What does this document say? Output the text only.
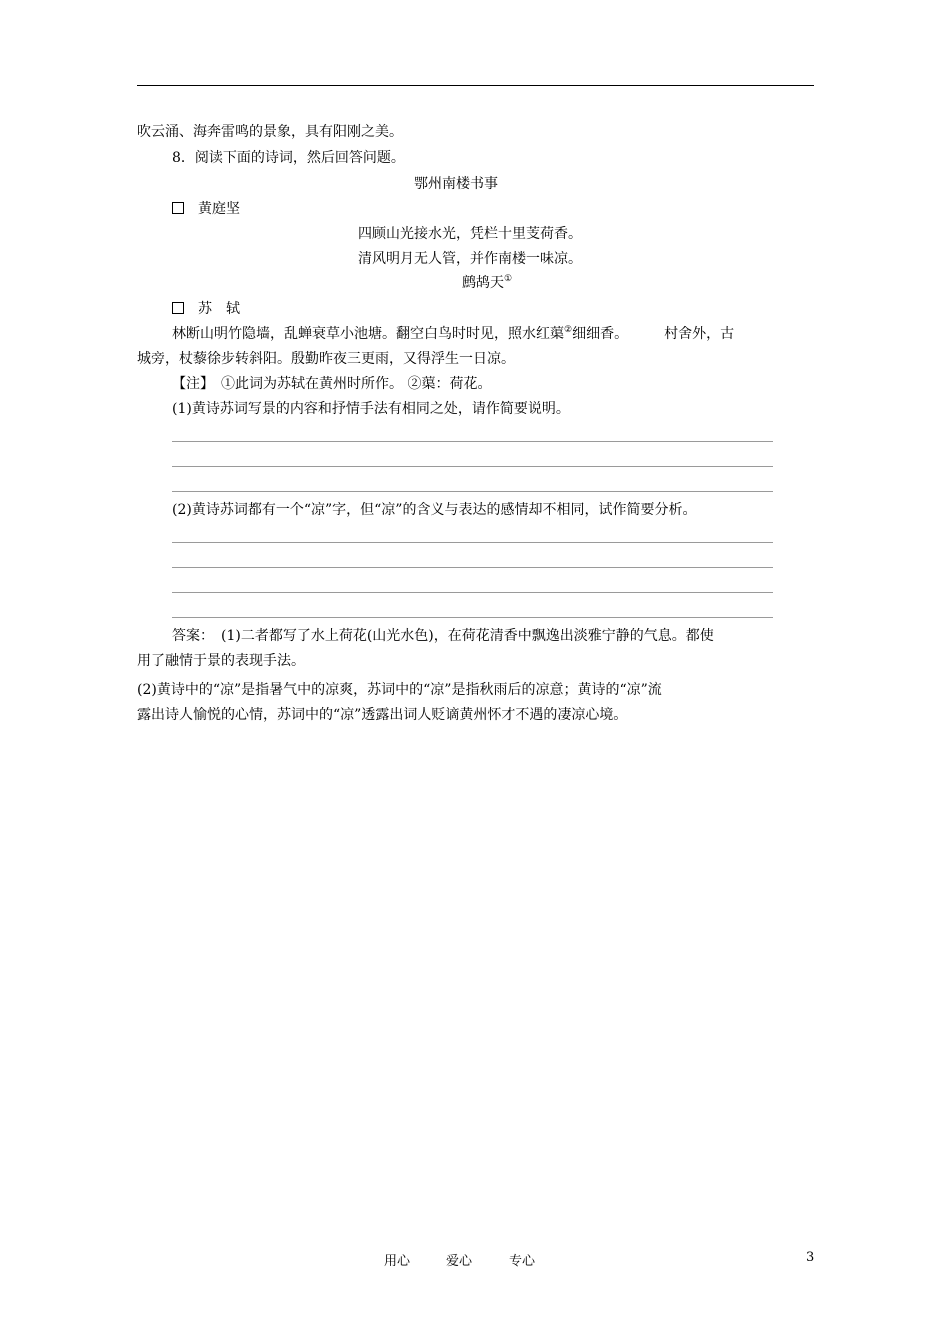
吹云涌、海奔雷鸣的景象，具有阳刚之美。
8．阅读下面的诗词，然后回答问题。
鄂州南楼书事
黄庭坚
四顾山光接水光，凭栏十里芰荷香。
清风明月无人管，并作南楼一味凉。
鹧鸪天①
苏　轼
林断山明竹隐墙，乱蝉衰草小池塘。翻空白鸟时时见，照水红蕖②细细香。	村舍外，古
城旁，杖藜徐步转斜阳。殷勤昨夜三更雨，又得浮生一日凉。
【注】　①此词为苏轼在黄州时所作。 ②蕖：荷花。
(1)黄诗苏词写景的内容和抒情手法有相同之处，请作简要说明。
(2)黄诗苏词都有一个“凉”字，但“凉”的含义与表达的感情却不相同，试作简要分析。
答案：　(1)二者都写了水上荷花(山光水色)，在荷花清香中飘逸出淡雅宁静的气息。都使
用了融情于景的表现手法。
(2)黄诗中的“凉”是指暑气中的凉爽，苏词中的“凉”是指秋雨后的凉意；黄诗的“凉”流
露出诗人愉悦的心情，苏词中的“凉”透露出词人贬谪黄州怀才不遇的凄凉心境。
用心	爱心	专心	3
